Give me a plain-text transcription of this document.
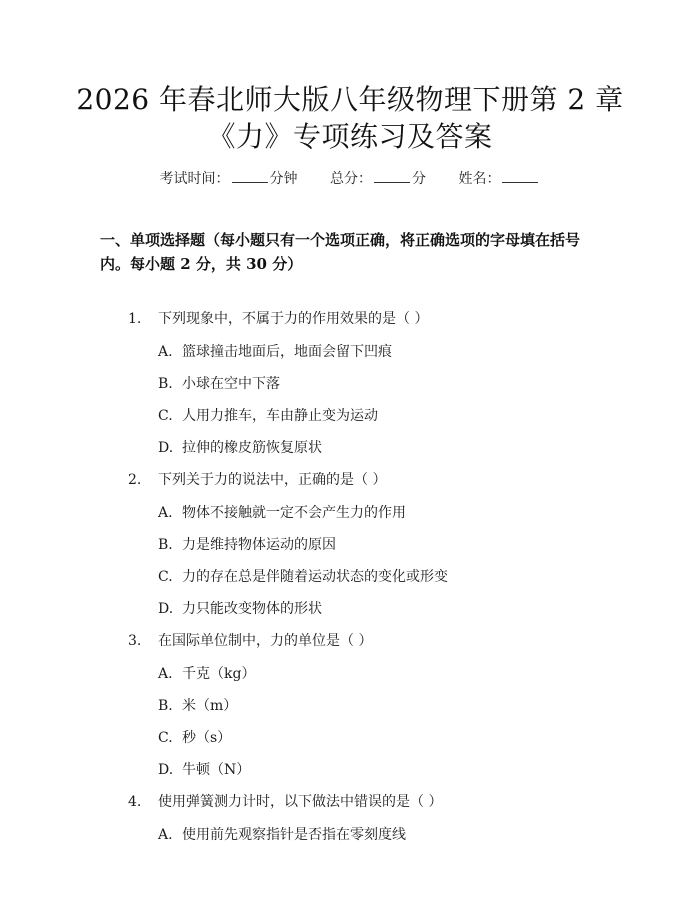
2026 年春北师大版八年级物理下册第 2 章
《力》专项练习及答案
考试时间：	分钟 总分：	分 姓名：
一、单项选择题（每小题只有一个选项正确，将正确选项的字母填在括号内。每小题 2 分，共 30 分）
1. 下列现象中，不属于力的作用效果的是（ ）
A. 篮球撞击地面后，地面会留下凹痕
B. 小球在空中下落
C. 人用力推车，车由静止变为运动
D. 拉伸的橡皮筋恢复原状
2. 下列关于力的说法中，正确的是（ ）
A. 物体不接触就一定不会产生力的作用
B. 力是维持物体运动的原因
C. 力的存在总是伴随着运动状态的变化或形变
D. 力只能改变物体的形状
3. 在国际单位制中，力的单位是（ ）
A. 千克（kg）
B. 米（m）
C. 秒（s）
D. 牛顿（N）
4. 使用弹簧测力计时，以下做法中错误的是（ ）
A. 使用前先观察指针是否指在零刻度线
